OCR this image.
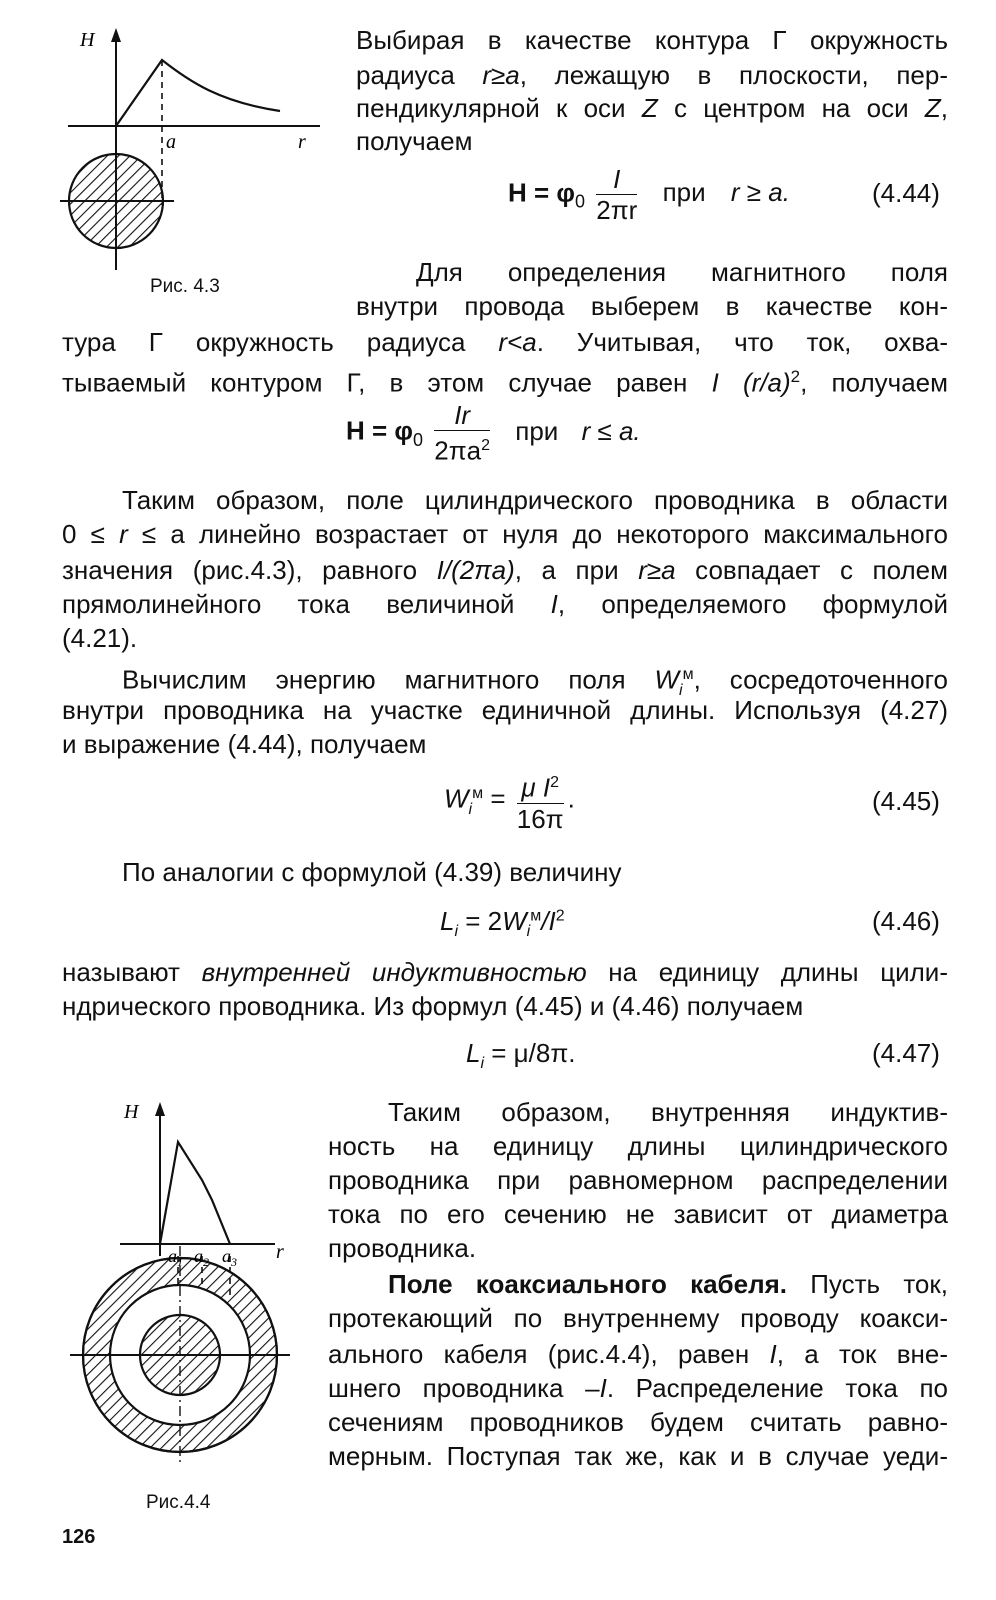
H
r
a
Рис. 4.3
Выбирая в качестве контура Γ окружность
радиуса r≥a, лежащую в плоскости, пер-
пендикулярной к оси Z с центром на оси Z,
получаем
$H = \varphi_0 \frac{I}{2\pi r}$ при r ≥ a.	(4.44)
Для определения магнитного поля
внутри провода выберем в качестве кон-
тура Γ окружность радиуса r<a. Учитывая, что ток, охва-
тываемый контуром Γ, в этом случае равен I $(r/a)^2$, получаем
$H = \varphi_0 \frac{Ir}{2\pi a^2}$ при r ≤ a.
Таким образом, поле цилиндрического проводника в области
0 ≤ r ≤ a линейно возрастает от нуля до некоторого максимального
значения (рис.4.3), равного I/(2πa), а при r≥a совпадает с полем
прямолинейного тока величиной I, определяемого формулой
(4.21).
Вычислим энергию магнитного поля $W_i^м$, сосредоточенного
внутри проводника на участке единичной длины. Используя (4.27)
и выражение (4.44), получаем
$W_i^м = \frac{\mu I^2}{16\pi}$ .	(4.45)
По аналогии с формулой (4.39) величину
$L_i = 2W_i^м/I^2$	(4.46)
называют внутренней индуктивностью на единицу длины цили-
ндрического проводника. Из формул (4.45) и (4.46) получаем
$L_i = \mu/8\pi$.	(4.47)
H
r
$a_1$ $a_2$ $a_3$
Рис.4.4
Таким образом, внутренняя индуктив-
ность на единицу длины цилиндрического
проводника при равномерном распределении
тока по его сечению не зависит от диаметра
проводника.
Поле коаксиального кабеля. Пусть ток,
протекающий по внутреннему проводу коакси-
ального кабеля (рис.4.4), равен I, а ток вне-
шнего проводника –I. Распределение тока по
сечениям проводников будем считать равно-
мерным. Поступая так же, как и в случае уеди-
126
